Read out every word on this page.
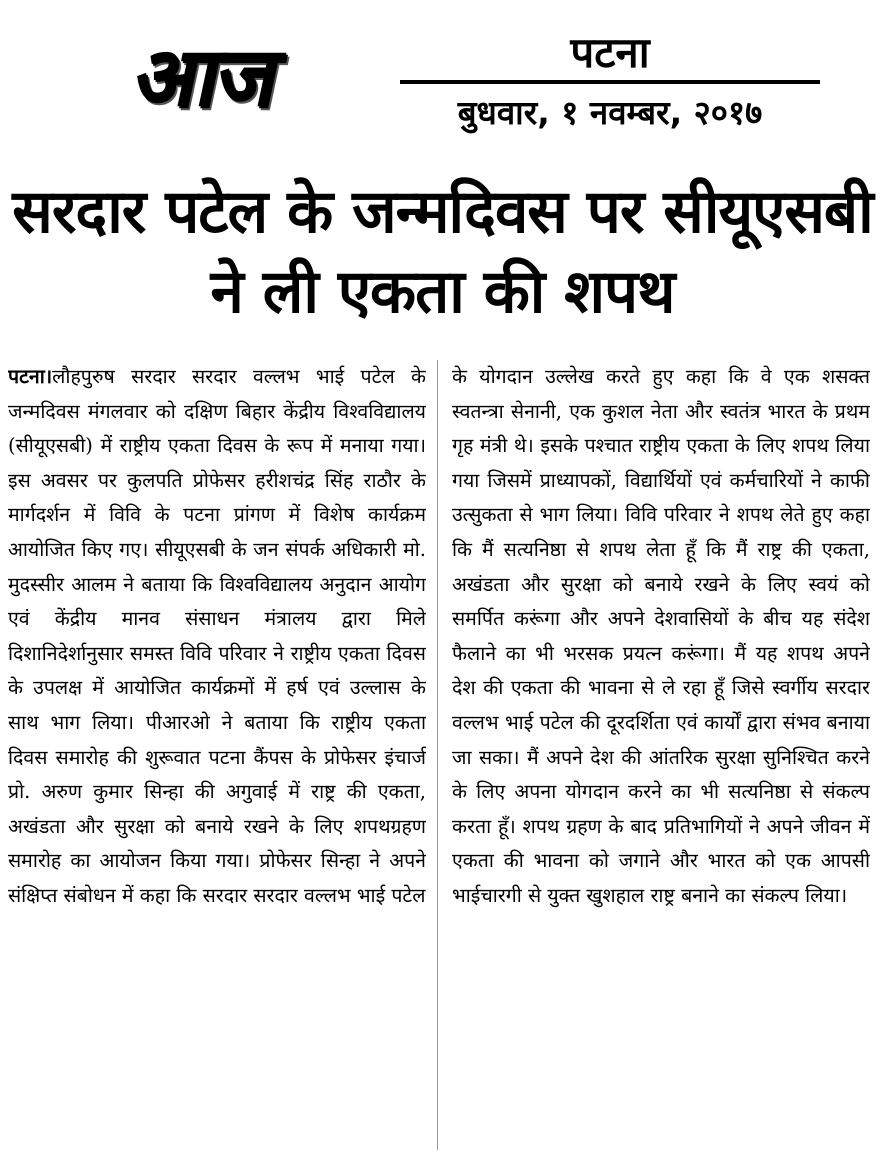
आज	पटना
बुधवार, १ नवम्बर, २०१७
सरदार पटेल के जन्मदिवस पर सीयूएसबी
ने ली एकता की शपथ
पटना।लौहपुरुष सरदार सरदार वल्लभ भाई पटेल के जन्मदिवस मंगलवार को दक्षिण बिहार केंद्रीय विश्वविद्यालय (सीयूएसबी) में राष्ट्रीय एकता दिवस के रूप में मनाया गया। इस अवसर पर कुलपति प्रोफेसर हरीशचंद्र सिंह राठौर के मार्गदर्शन में विवि के पटना प्रांगण में विशेष कार्यक्रम आयोजित किए गए। सीयूएसबी के जन संपर्क अधिकारी मो. मुदस्सीर आलम ने बताया कि विश्वविद्यालय अनुदान आयोग एवं केंद्रीय मानव संसाधन मंत्रालय द्वारा मिले दिशानिदेर्शानुसार समस्त विवि परिवार ने राष्ट्रीय एकता दिवस के उपलक्ष में आयोजित कार्यक्रमों में हर्ष एवं उल्लास के साथ भाग लिया। पीआरओ ने बताया कि राष्ट्रीय एकता दिवस समारोह की शुरूवात पटना कैंपस के प्रोफेसर इंचार्ज प्रो. अरुण कुमार सिन्हा की अगुवाई में राष्ट्र की एकता, अखंडता और सुरक्षा को बनाये रखने के लिए शपथग्रहण समारोह का आयोजन किया गया। प्रोफेसर सिन्हा ने अपने संक्षिप्त संबोधन में कहा कि सरदार सरदार वल्लभ भाई पटेल
के योगदान उल्लेख करते हुए कहा कि वे एक शसक्त स्वतन्त्रा सेनानी, एक कुशल नेता और स्वतंत्र भारत के प्रथम गृह मंत्री थे। इसके पश्चात राष्ट्रीय एकता के लिए शपथ लिया गया जिसमें प्राध्यापकों, विद्यार्थियों एवं कर्मचारियों ने काफी उत्सुकता से भाग लिया। विवि परिवार ने शपथ लेते हुए कहा कि मैं सत्यनिष्ठा से शपथ लेता हूँ कि मैं राष्ट्र की एकता, अखंडता और सुरक्षा को बनाये रखने के लिए स्वयं को समर्पित करूंगा और अपने देशवासियों के बीच यह संदेश फैलाने का भी भरसक प्रयत्न करूंगा। मैं यह शपथ अपने देश की एकता की भावना से ले रहा हूँ जिसे स्वर्गीय सरदार वल्लभ भाई पटेल की दूरदर्शिता एवं कार्यों द्वारा संभव बनाया जा सका। मैं अपने देश की आंतरिक सुरक्षा सुनिश्चित करने के लिए अपना योगदान करने का भी सत्यनिष्ठा से संकल्प करता हूँ। शपथ ग्रहण के बाद प्रतिभागियों ने अपने जीवन में एकता की भावना को जगाने और भारत को एक आपसी भाईचारगी से युक्त खुशहाल राष्ट्र बनाने का संकल्प लिया।
